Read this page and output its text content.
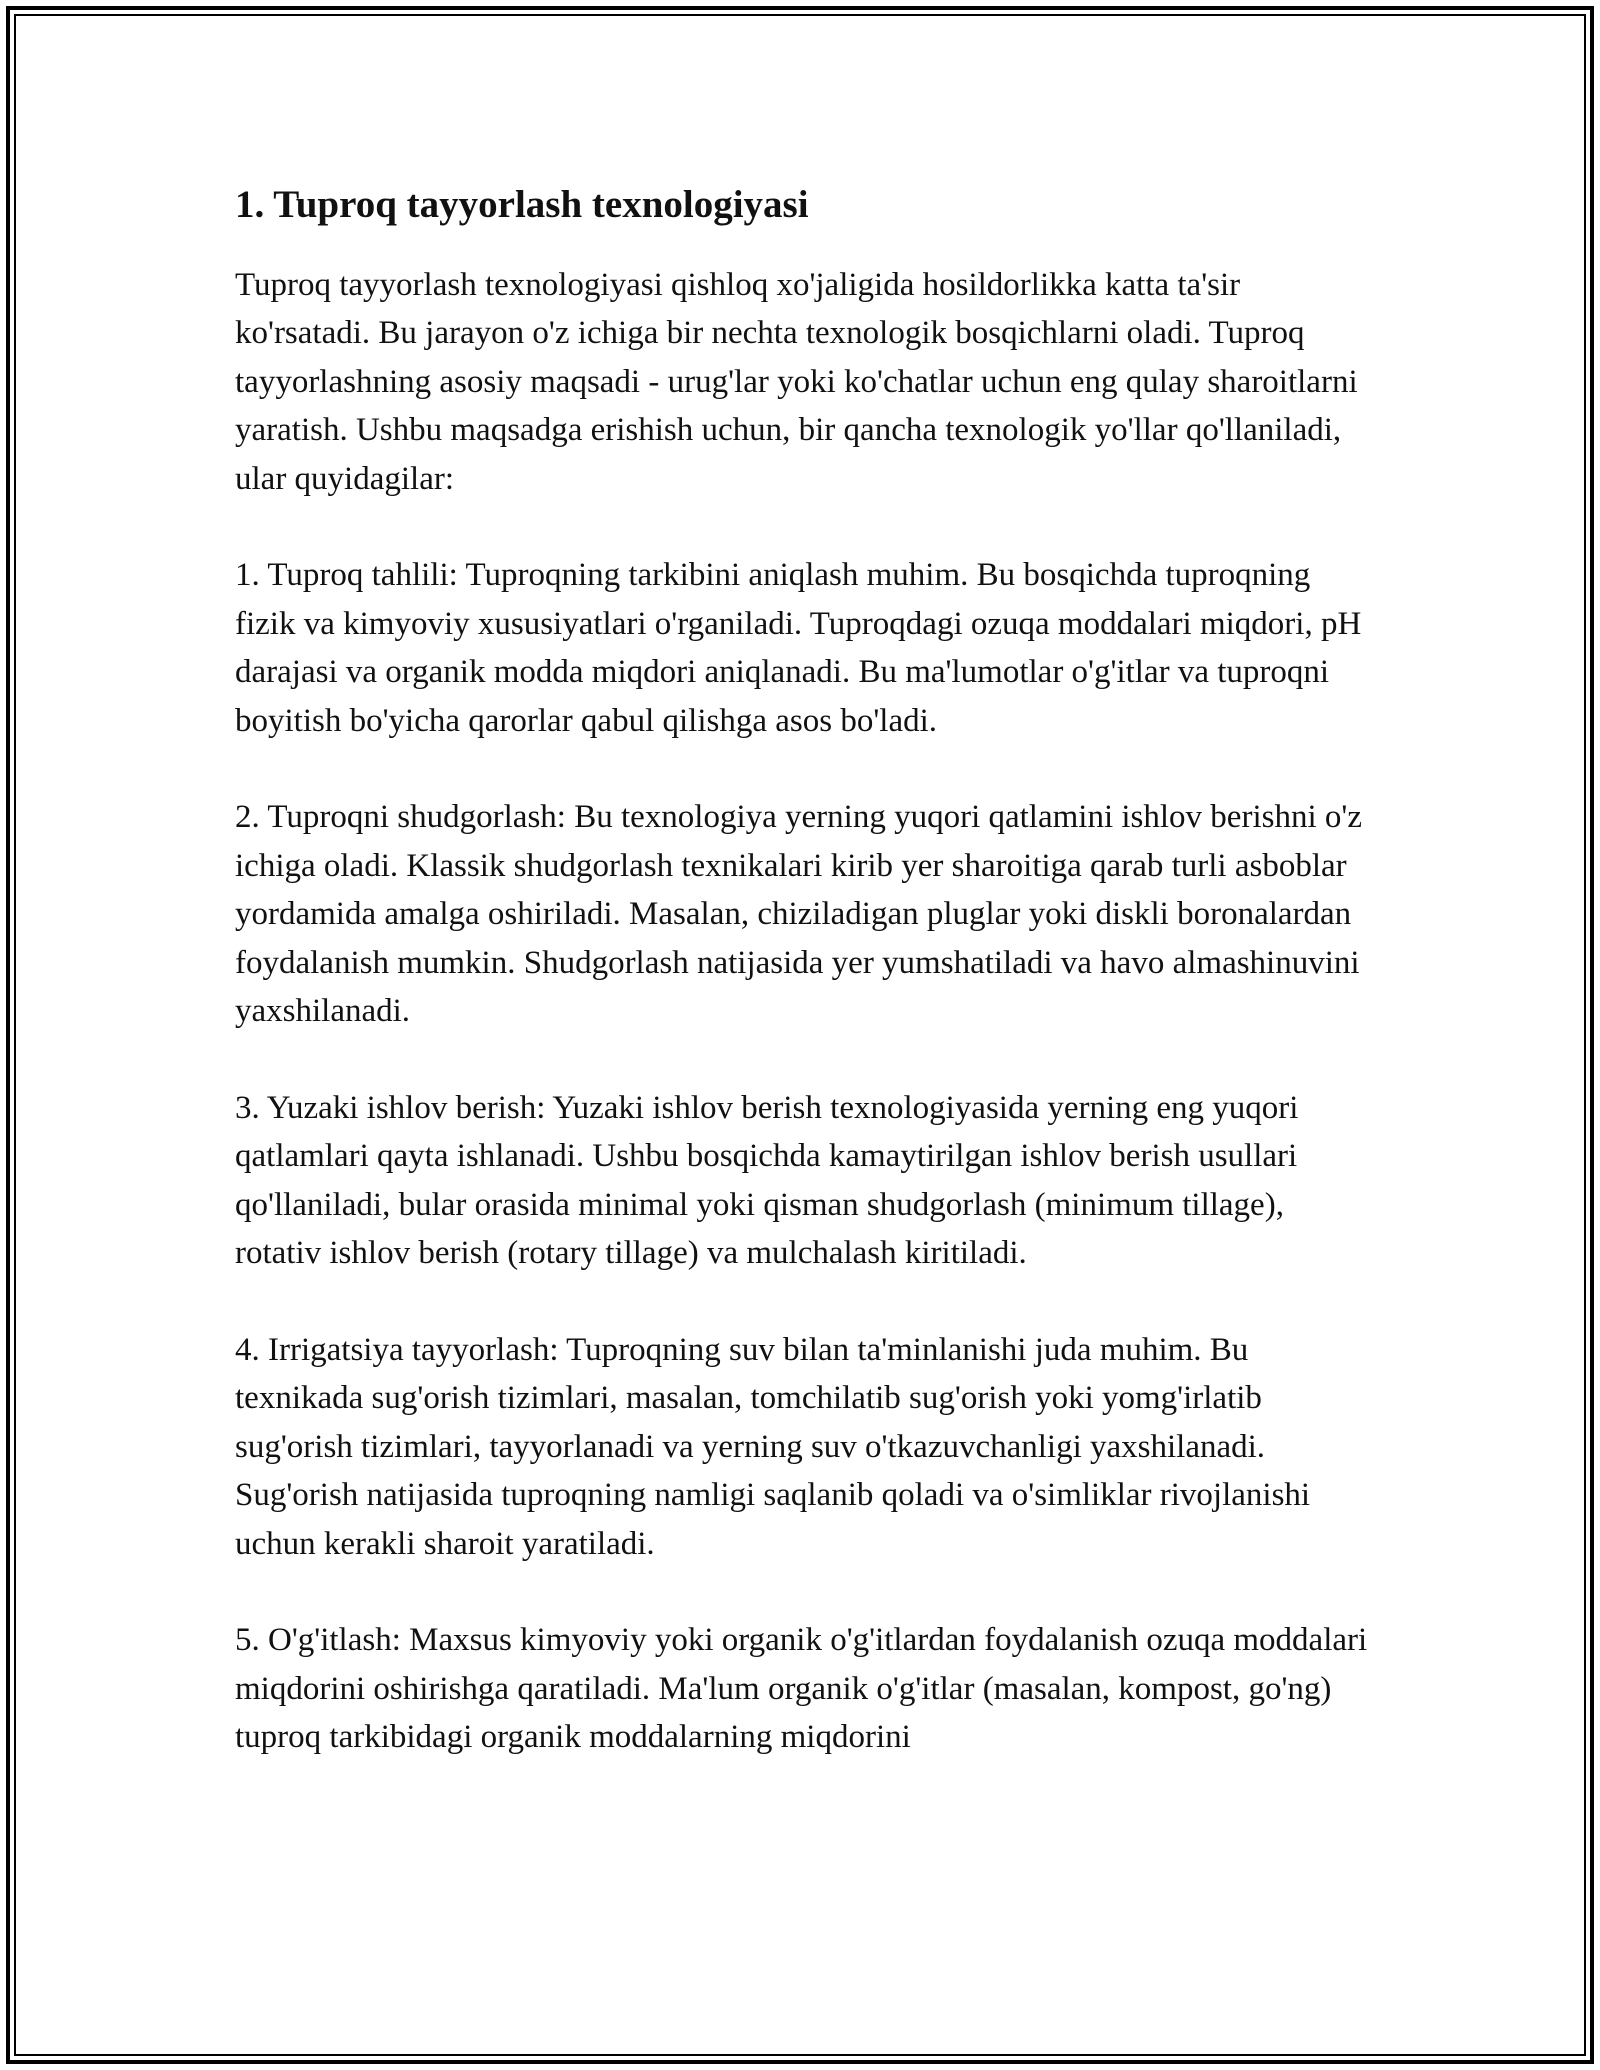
1. Tuproq tayyorlash texnologiyasi

Tuproq tayyorlash texnologiyasi qishloq xo'jaligida hosildorlikka katta ta'sir ko'rsatadi. Bu jarayon o'z ichiga bir nechta texnologik bosqichlarni oladi. Tuproq tayyorlashning asosiy maqsadi - urug'lar yoki ko'chatlar uchun eng qulay sharoitlarni yaratish. Ushbu maqsadga erishish uchun, bir qancha texnologik yo'llar qo'llaniladi, ular quyidagilar:

1. Tuproq tahlili: Tuproqning tarkibini aniqlash muhim. Bu bosqichda tuproqning fizik va kimyoviy xususiyatlari o'rganiladi. Tuproqdagi ozuqa moddalari miqdori, pH darajasi va organik modda miqdori aniqlanadi. Bu ma'lumotlar o'g'itlar va tuproqni boyitish bo'yicha qarorlar qabul qilishga asos bo'ladi.

2. Tuproqni shudgorlash: Bu texnologiya yerning yuqori qatlamini ishlov berishni o'z ichiga oladi. Klassik shudgorlash texnikalari kirib yer sharoitiga qarab turli asboblar yordamida amalga oshiriladi. Masalan, chiziladigan pluglar yoki diskli boronalardan foydalanish mumkin. Shudgorlash natijasida yer yumshatiladi va havo almashinuvini yaxshilanadi.

3. Yuzaki ishlov berish: Yuzaki ishlov berish texnologiyasida yerning eng yuqori qatlamlari qayta ishlanadi. Ushbu bosqichda kamaytirilgan ishlov berish usullari qo'llaniladi, bular orasida minimal yoki qisman shudgorlash (minimum tillage), rotativ ishlov berish (rotary tillage) va mulchalash kiritiladi.

4. Irrigatsiya tayyorlash: Tuproqning suv bilan ta'minlanishi juda muhim. Bu texnikada sug'orish tizimlari, masalan, tomchilatib sug'orish yoki yomg'irlatib sug'orish tizimlari, tayyorlanadi va yerning suv o'tkazuvchanligi yaxshilanadi. Sug'orish natijasida tuproqning namligi saqlanib qoladi va o'simliklar rivojlanishi uchun kerakli sharoit yaratiladi.

5. O'g'itlash: Maxsus kimyoviy yoki organik o'g'itlardan foydalanish ozuqa moddalari miqdorini oshirishga qaratiladi. Ma'lum organik o'g'itlar (masalan, kompost, go'ng) tuproq tarkibidagi organik moddalarning miqdorini
